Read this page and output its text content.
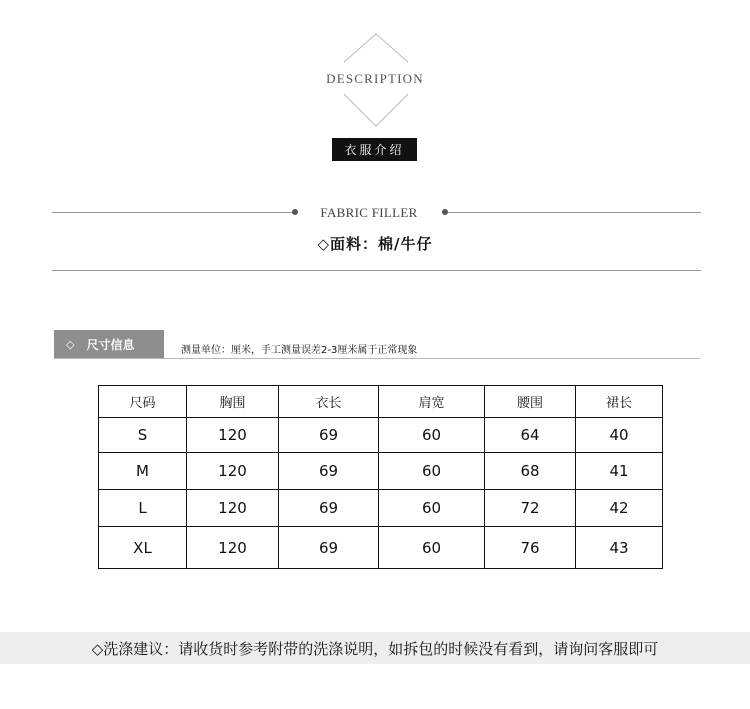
DESCRIPTION
衣服介绍
FABRIC FILLER
◇面料：棉/牛仔
◇ 尺寸信息	测量单位：厘米，手工测量误差2-3厘米属于正常现象
尺码	胸围	衣长	肩宽	腰围	裙长
S	120	69	60	64	40
M	120	69	60	68	41
L	120	69	60	72	42
XL	120	69	60	76	43
◇洗涤建议：请收货时参考附带的洗涤说明，如拆包的时候没有看到，请询问客服即可
